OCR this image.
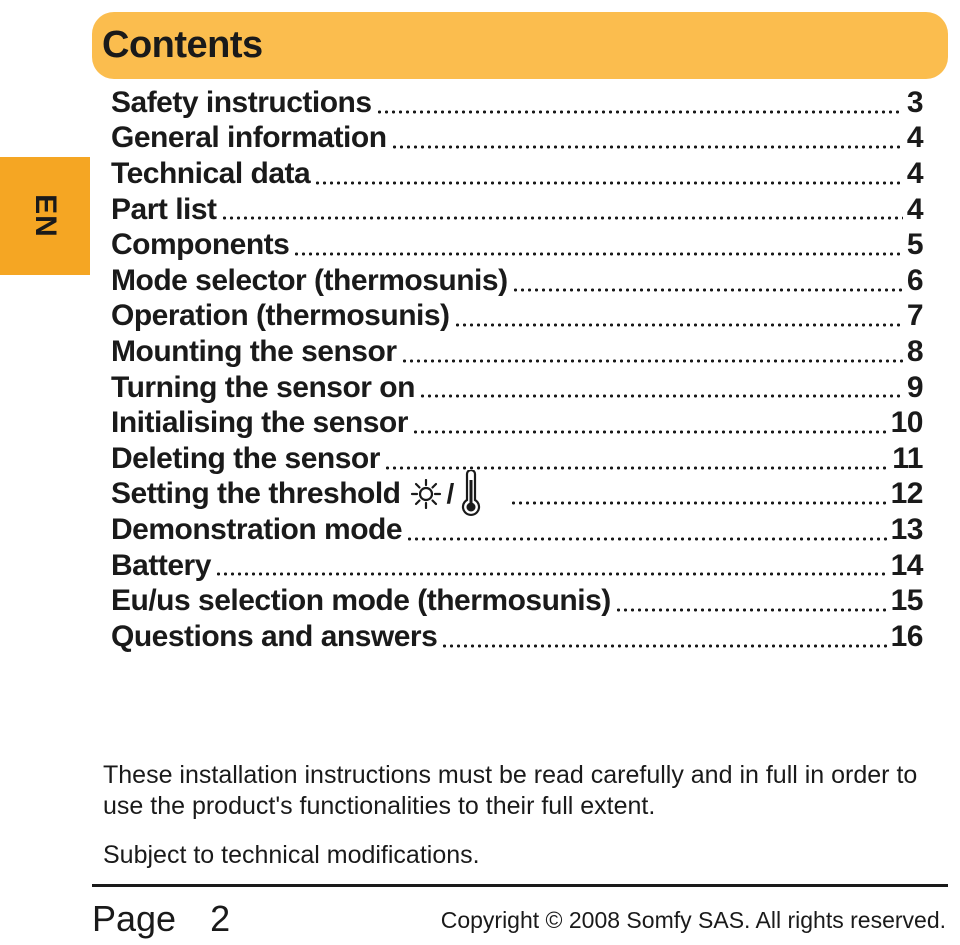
EN
Contents
Safety instructions	3
General information	4
Technical data	4
Part list	4
Components	5
Mode selector (thermosunis)	6
Operation (thermosunis)	7
Mounting the sensor	8
Turning the sensor on	9
Initialising the sensor	10
Deleting the sensor	11
Setting the threshold /	12
Demonstration mode	13
Battery	14
Eu/us selection mode (thermosunis)	15
Questions and answers	16

These installation instructions must be read carefully and in full in order to use the product's functionalities to their full extent.

Subject to technical modifications.

Page 2	Copyright © 2008 Somfy SAS. All rights reserved.
